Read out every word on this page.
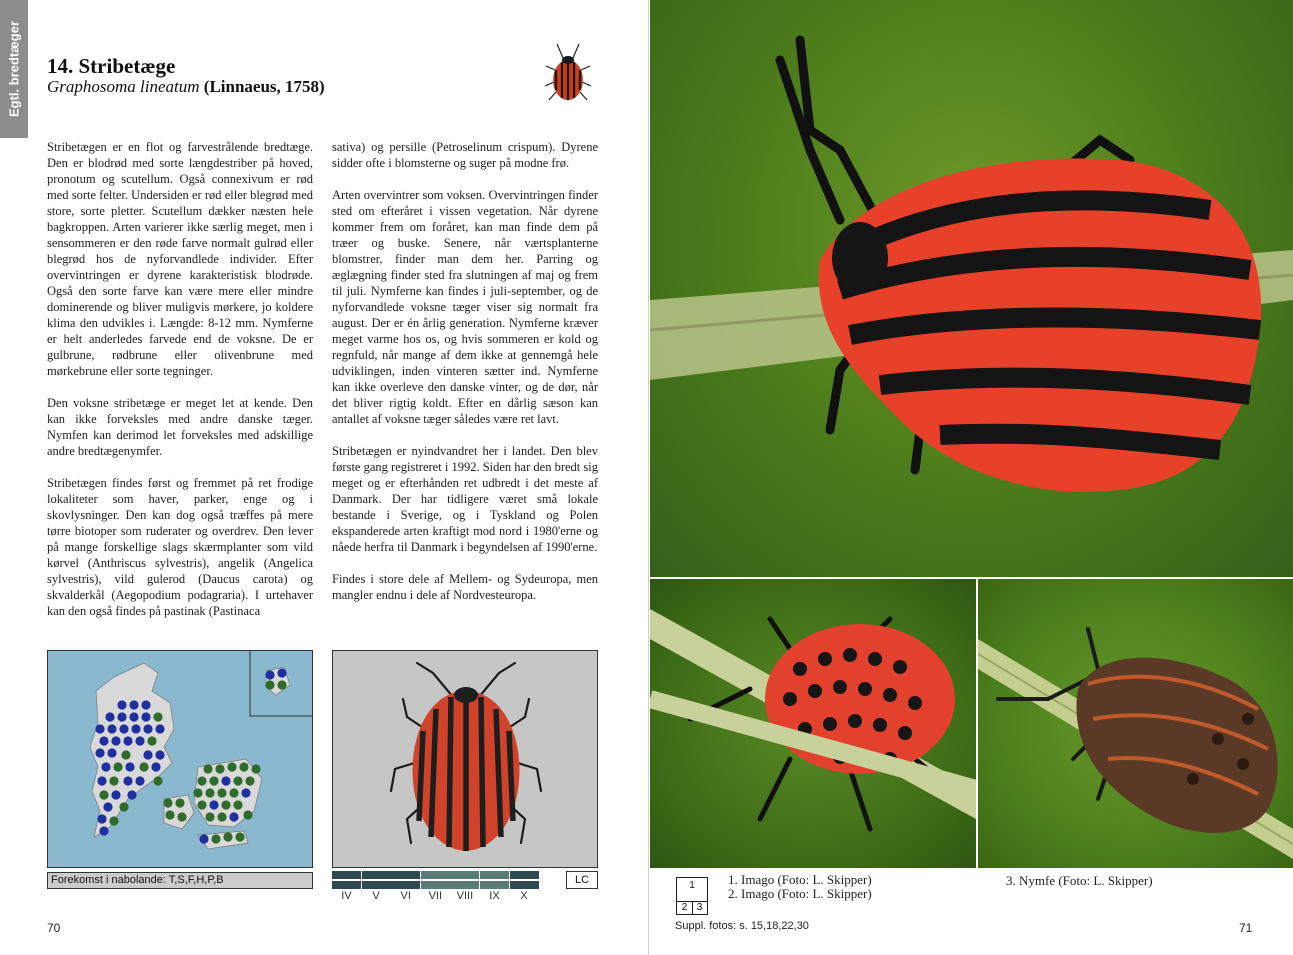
Egtl. bredtæger 14. Stribetæge
Graphosoma lineatum (Linnaeus, 1758)

Stribetægen er en flot og farvestrålende bredtæge. Den er blodrød med sorte længdestriber på hoved, pronotum og scutellum. Også connexivum er rød med sorte felter. Undersiden er rød eller blegrød med store, sorte pletter. Scutellum dækker næsten hele bagkroppen. Arten varierer ikke særlig meget, men i sensommeren er den røde farve normalt gulrød eller blegrød hos de nyforvandlede individer. Efter overvintringen er dyrene karakteristisk blodrøde. Også den sorte farve kan være mere eller mindre dominerende og bliver muligvis mørkere, jo koldere klima den udvikles i. Længde: 8-12 mm. Nymferne er helt anderledes farvede end de voksne. De er gulbrune, rødbrune eller olivenbrune med mørkebrune eller sorte tegninger.

Den voksne stribetæge er meget let at kende. Den kan ikke forveksles med andre danske tæger. Nymfen kan derimod let forveksles med adskillige andre bredtægenymfer.

Stribetægen findes først og fremmet på ret frodige lokaliteter som haver, parker, enge og i skovlysninger. Den kan dog også træffes på mere tørre biotoper som ruderater og overdrev. Den lever på mange forskellige slags skærmplanter som vild kørvel (Anthriscus sylvestris), angelik (Angelica sylvestris), vild gulerod (Daucus carota) og skvalderkål (Aegopodium podagraria). I urtehaver kan den også findes på pastinak (Pastinaca

sativa) og persille (Petroselinum crispum). Dyrene sidder ofte i blomsterne og suger på modne frø.

Arten overvintrer som voksen. Overvintringen finder sted om efteråret i vissen vegetation. Når dyrene kommer frem om foråret, kan man finde dem på træer og buske. Senere, når værtsplanterne blomstrer, finder man dem her. Parring og æglægning finder sted fra slutningen af maj og frem til juli. Nymferne kan findes i juli-september, og de nyforvandlede voksne tæger viser sig normalt fra august. Der er én årlig generation. Nymferne kræver meget varme hos os, og hvis sommeren er kold og regnfuld, når mange af dem ikke at gennemgå hele udviklingen, inden vinteren sætter ind. Nymferne kan ikke overleve den danske vinter, og de dør, når det bliver rigtig koldt. Efter en dårlig sæson kan antallet af voksne tæger således være ret lavt.

Stribetægen er nyindvandret her i landet. Den blev første gang registreret i 1992. Siden har den bredt sig meget og er efterhånden ret udbredt i det meste af Danmark. Der har tidligere været små lokale bestande i Sverige, og i Tyskland og Polen ekspanderede arten kraftigt mod nord i 1980'erne og nåede herfra til Danmark i begyndelsen af 1990'erne.

Findes i store dele af Mellem- og Sydeuropa, men mangler endnu i dele af Nordvesteuropa.

Forekomst i nabolande: T,S,F,H,P,B
IV	V	VI	VII	VIII	IX	X
LC
70
1
2 3
1. Imago (Foto: L. Skipper)
2. Imago (Foto: L. Skipper)
3. Nymfe (Foto: L. Skipper)
Suppl. fotos: s. 15,18,22,30	71
